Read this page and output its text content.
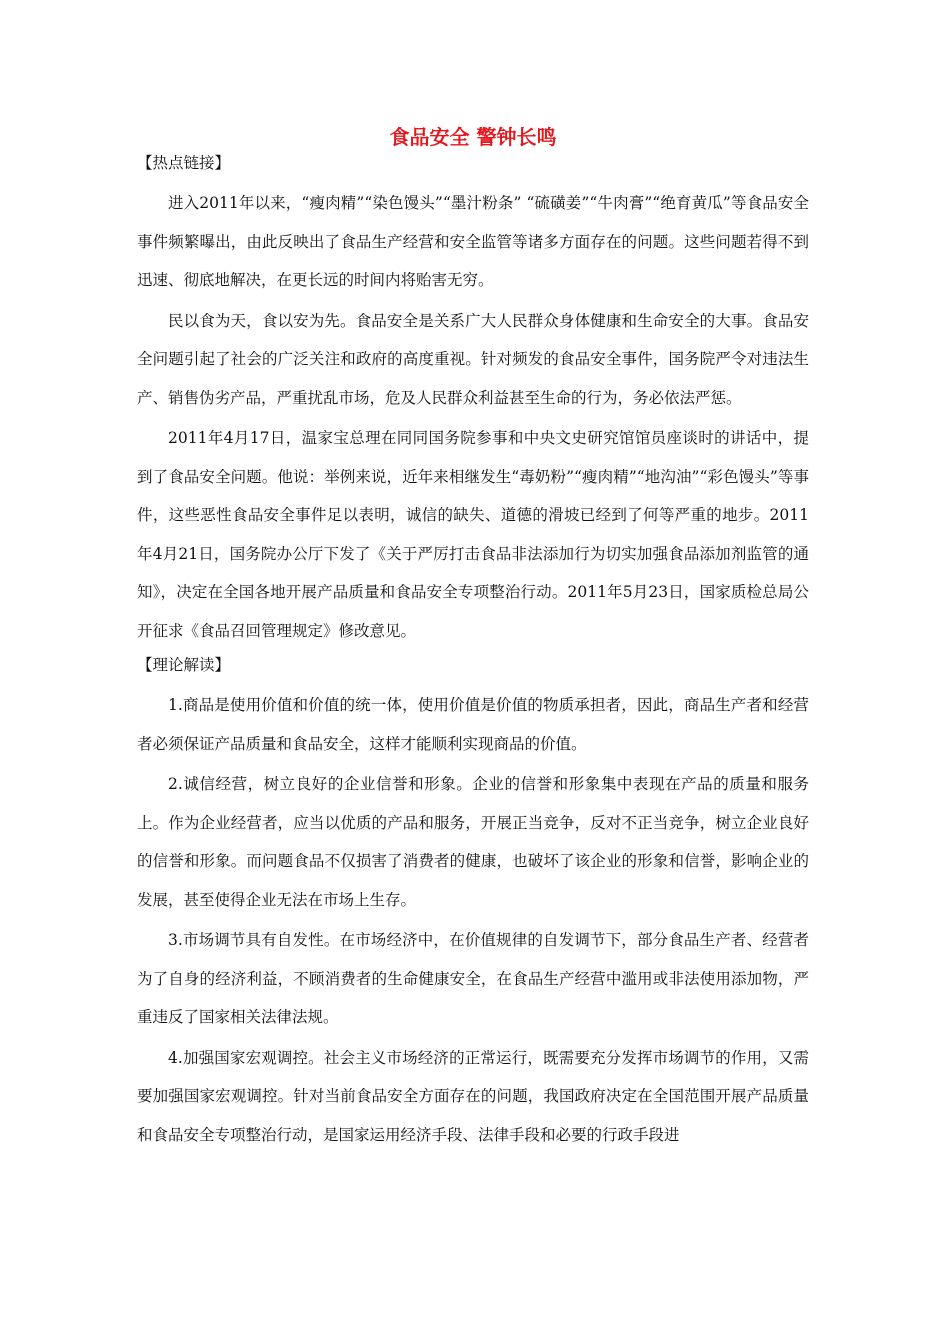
食品安全 警钟长鸣
【热点链接】

进入2011年以来，“瘦肉精”“染色馒头”“墨汁粉条” “硫磺姜”“牛肉膏”“绝育黄瓜”等食品安全事件频繁曝出，由此反映出了食品生产经营和安全监管等诸多方面存在的问题。这些问题若得不到迅速、彻底地解决，在更长远的时间内将贻害无穷。

民以食为天，食以安为先。食品安全是关系广大人民群众身体健康和生命安全的大事。食品安全问题引起了社会的广泛关注和政府的高度重视。针对频发的食品安全事件，国务院严令对违法生产、销售伪劣产品，严重扰乱市场，危及人民群众利益甚至生命的行为，务必依法严惩。

2011年4月17日，温家宝总理在同同国务院参事和中央文史研究馆馆员座谈时的讲话中，提到了食品安全问题。他说：举例来说，近年来相继发生“毒奶粉”“瘦肉精”“地沟油”“彩色馒头”等事件，这些恶性食品安全事件足以表明，诚信的缺失、道德的滑坡已经到了何等严重的地步。2011年4月21日，国务院办公厅下发了《关于严厉打击食品非法添加行为切实加强食品添加剂监管的通知》，决定在全国各地开展产品质量和食品安全专项整治行动。2011年5月23日，国家质检总局公开征求《食品召回管理规定》修改意见。

【理论解读】

1.商品是使用价值和价值的统一体，使用价值是价值的物质承担者，因此，商品生产者和经营者必须保证产品质量和食品安全，这样才能顺利实现商品的价值。

2.诚信经营，树立良好的企业信誉和形象。企业的信誉和形象集中表现在产品的质量和服务上。作为企业经营者，应当以优质的产品和服务，开展正当竞争，反对不正当竞争，树立企业良好的信誉和形象。而问题食品不仅损害了消费者的健康，也破坏了该企业的形象和信誉，影响企业的发展，甚至使得企业无法在市场上生存。

3.市场调节具有自发性。在市场经济中，在价值规律的自发调节下，部分食品生产者、经营者为了自身的经济利益，不顾消费者的生命健康安全，在食品生产经营中滥用或非法使用添加物，严重违反了国家相关法律法规。

4.加强国家宏观调控。社会主义市场经济的正常运行，既需要充分发挥市场调节的作用，又需要加强国家宏观调控。针对当前食品安全方面存在的问题，我国政府决定在全国范围开展产品质量和食品安全专项整治行动，是国家运用经济手段、法律手段和必要的行政手段进
